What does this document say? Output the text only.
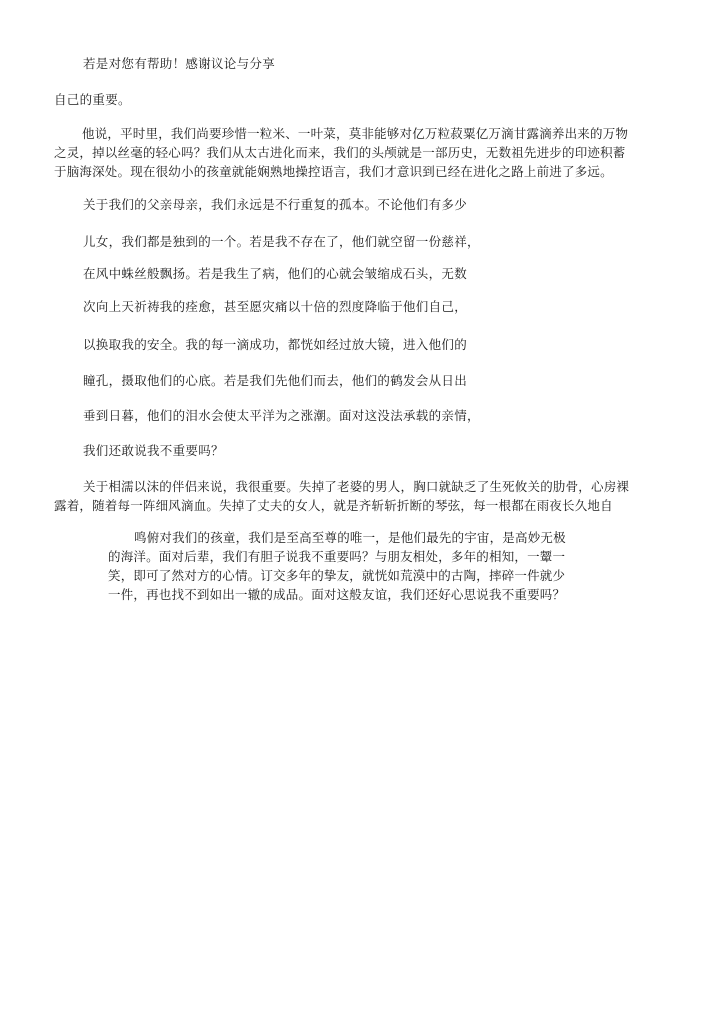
若是对您有帮助！感谢议论与分享
自己的重要。
他说，平时里，我们尚要珍惜一粒米、一叶菜，莫非能够对亿万粒菽粟亿万滴甘露滴养出来的万物
之灵，掉以丝毫的轻心吗？我们从太古进化而来，我们的头颅就是一部历史，无数祖先进步的印迹积蓄
于脑海深处。现在很幼小的孩童就能娴熟地操控语言，我们才意识到已经在进化之路上前进了多远。
关于我们的父亲母亲，我们永远是不行重复的孤本。不论他们有多少
儿女，我们都是独到的一个。若是我不存在了，他们就空留一份慈祥，
在风中蛛丝般飘扬。若是我生了病，他们的心就会皱缩成石头，无数
次向上天祈祷我的痊愈，甚至愿灾痛以十倍的烈度降临于他们自己，
以换取我的安全。我的每一滴成功，都恍如经过放大镜，进入他们的
瞳孔，摄取他们的心底。若是我们先他们而去，他们的鹤发会从日出
垂到日暮，他们的泪水会使太平洋为之涨潮。面对这没法承载的亲情，
我们还敢说我不重要吗？
关于相濡以沫的伴侣来说，我很重要。失掉了老婆的男人，胸口就缺乏了生死攸关的肋骨，心房裸
露着，随着每一阵细风滴血。失掉了丈夫的女人，就是齐斩斩折断的琴弦，每一根都在雨夜长久地自
鸣俯对我们的孩童，我们是至高至尊的唯一，是他们最先的宇宙，是高妙无极
的海洋。面对后辈，我们有胆子说我不重要吗？与朋友相处，多年的相知，一颦一
笑，即可了然对方的心情。订交多年的挚友，就恍如荒漠中的古陶，摔碎一件就少
一件，再也找不到如出一辙的成品。面对这般友谊，我们还好心思说我不重要吗？
